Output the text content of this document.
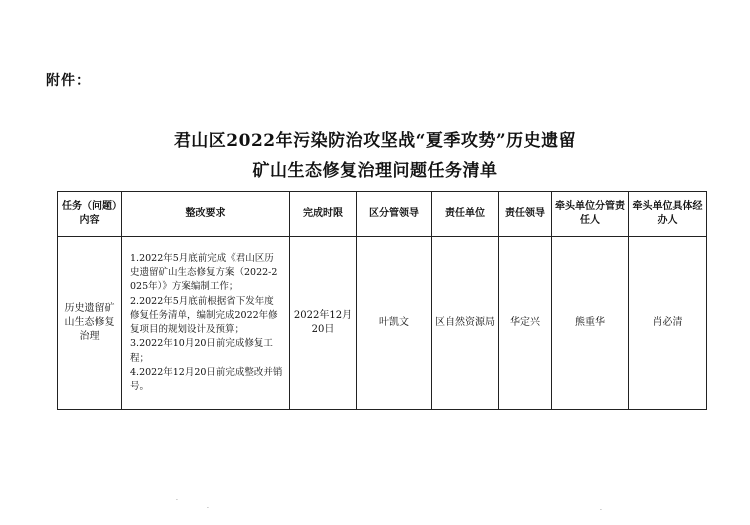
附件：
君山区2022年污染防治攻坚战“夏季攻势”历史遗留
矿山生态修复治理问题任务清单
任务（问题）内容	整改要求	完成时限	区分管领导	责任单位	责任领导	牵头单位分管责任人	牵头单位具体经办人
历史遗留矿山生态修复治理	1.2022年5月底前完成《君山区历史遗留矿山生态修复方案（2022-2025年）》方案编制工作；
2.2022年5月底前根据省下发年度修复任务清单，编制完成2022年修复项目的规划设计及预算；
3.2022年10月20日前完成修复工程；
4.2022年12月20日前完成整改并销号。	2022年12月20日	叶凯文	区自然资源局	华定兴	熊重华	肖必清
·
·	·
